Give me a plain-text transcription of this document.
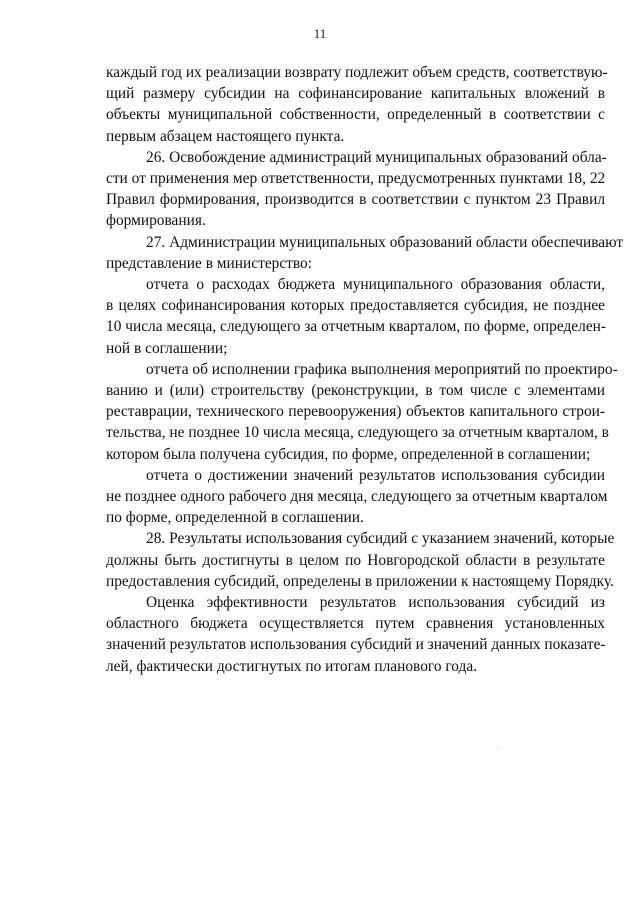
11

каждый год их реализации возврату подлежит объем средств, соответствую-
щий размеру субсидии на софинансирование капитальных вложений в
объекты муниципальной собственности, определенный в соответствии с
первым абзацем настоящего пункта.

26. Освобождение администраций муниципальных образований обла-
сти от применения мер ответственности, предусмотренных пунктами 18, 22
Правил формирования, производится в соответствии с пунктом 23 Правил
формирования.

27. Администрации муниципальных образований области обеспечивают
представление в министерство:

отчета о расходах бюджета муниципального образования области,
в целях софинансирования которых предоставляется субсидия, не позднее
10 числа месяца, следующего за отчетным кварталом, по форме, определен-
ной в соглашении;

отчета об исполнении графика выполнения мероприятий по проектиро-
ванию и (или) строительству (реконструкции, в том числе с элементами
реставрации, технического перевооружения) объектов капитального строи-
тельства, не позднее 10 числа месяца, следующего за отчетным кварталом, в
котором была получена субсидия, по форме, определенной в соглашении;

отчета о достижении значений результатов использования субсидии
не позднее одного рабочего дня месяца, следующего за отчетным кварталом
по форме, определенной в соглашении.

28. Результаты использования субсидий с указанием значений, которые
должны быть достигнуты в целом по Новгородской области в результате
предоставления субсидий, определены в приложении к настоящему Порядку.

Оценка эффективности результатов использования субсидий из
областного бюджета осуществляется путем сравнения установленных
значений результатов использования субсидий и значений данных показате-
лей, фактически достигнутых по итогам планового года.
